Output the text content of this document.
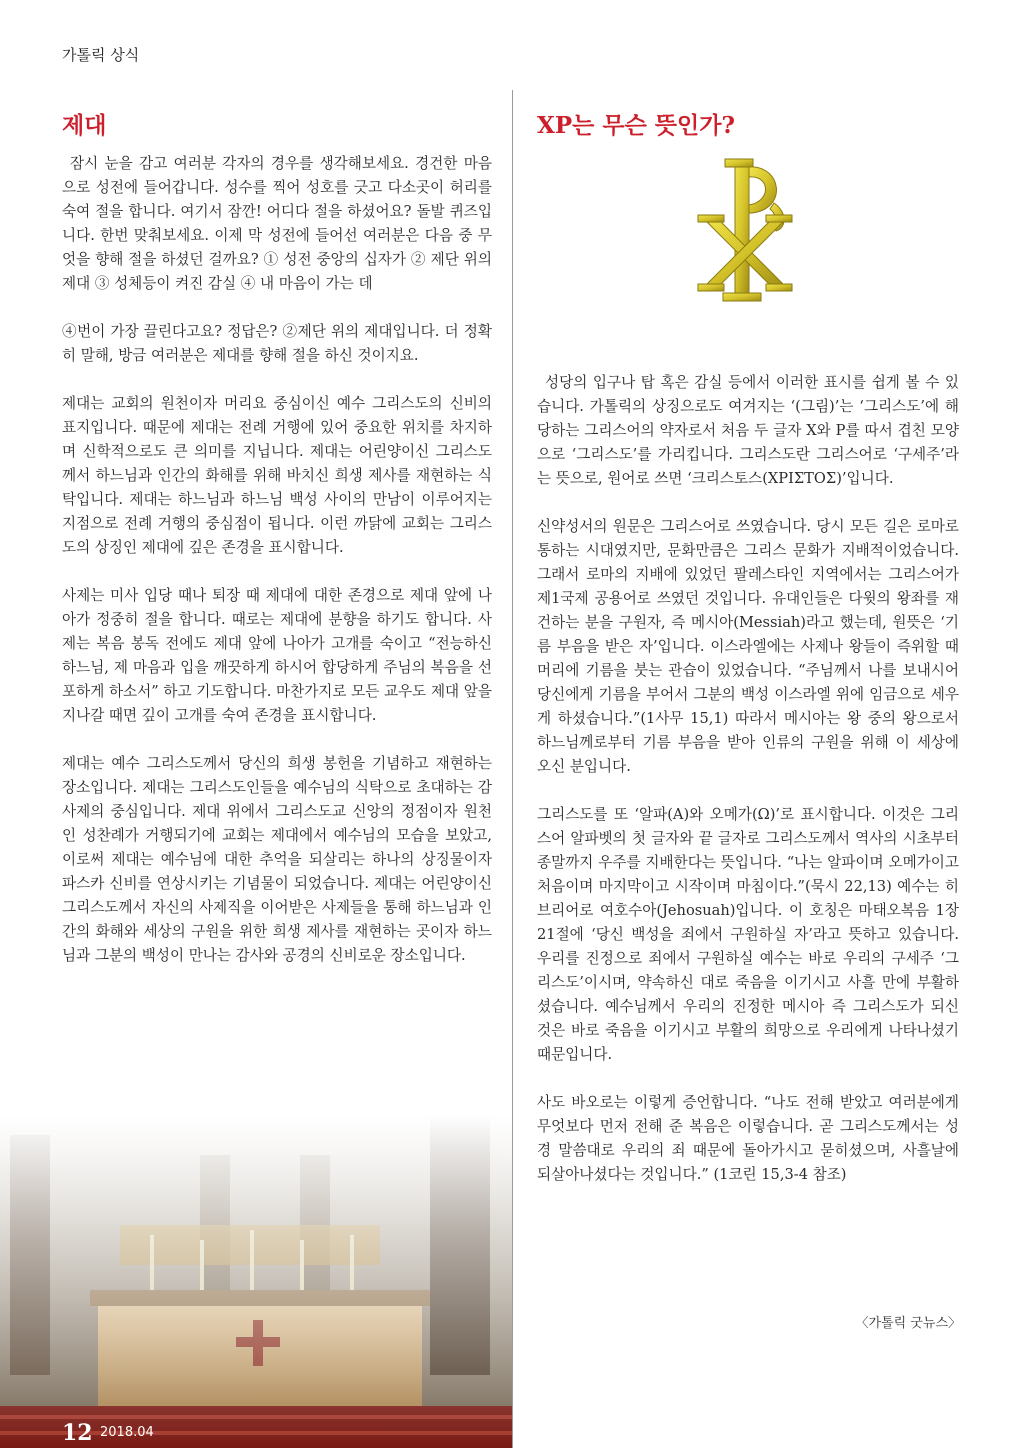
가톨릭 상식
제대	XP는 무슨 뜻인가?

잠시 눈을 감고 여러분 각자의 경우를 생각해보세요. 경건한 마음으로 성전에 들어갑니다. 성수를 찍어 성호를 긋고 다소곳이 허리를 숙여 절을 합니다. 여기서 잠깐! 어디다 절을 하셨어요? 돌발 퀴즈입니다. 한번 맞춰보세요. 이제 막 성전에 들어선 여러분은 다음 중 무엇을 향해 절을 하셨던 걸까요? ① 성전 중앙의 십자가 ② 제단 위의 제대 ③ 성체등이 켜진 감실 ④ 내 마음이 가는 데

④번이 가장 끌린다고요? 정답은? ②제단 위의 제대입니다. 더 정확히 말해, 방금 여러분은 제대를 향해 절을 하신 것이지요.

제대는 교회의 원천이자 머리요 중심이신 예수 그리스도의 신비의 표지입니다. 때문에 제대는 전례 거행에 있어 중요한 위치를 차지하며 신학적으로도 큰 의미를 지닙니다. 제대는 어린양이신 그리스도께서 하느님과 인간의 화해를 위해 바치신 희생 제사를 재현하는 식탁입니다. 제대는 하느님과 하느님 백성 사이의 만남이 이루어지는 지점으로 전례 거행의 중심점이 됩니다. 이런 까닭에 교회는 그리스도의 상징인 제대에 깊은 존경을 표시합니다.

사제는 미사 입당 때나 퇴장 때 제대에 대한 존경으로 제대 앞에 나아가 정중히 절을 합니다. 때로는 제대에 분향을 하기도 합니다. 사제는 복음 봉독 전에도 제대 앞에 나아가 고개를 숙이고 “전능하신 하느님, 제 마음과 입을 깨끗하게 하시어 합당하게 주님의 복음을 선포하게 하소서” 하고 기도합니다. 마찬가지로 모든 교우도 제대 앞을 지나갈 때면 깊이 고개를 숙여 존경을 표시합니다.

제대는 예수 그리스도께서 당신의 희생 봉헌을 기념하고 재현하는 장소입니다. 제대는 그리스도인들을 예수님의 식탁으로 초대하는 감사제의 중심입니다. 제대 위에서 그리스도교 신앙의 정점이자 원천인 성찬례가 거행되기에 교회는 제대에서 예수님의 모습을 보았고, 이로써 제대는 예수님에 대한 추억을 되살리는 하나의 상징물이자 파스카 신비를 연상시키는 기념물이 되었습니다. 제대는 어린양이신 그리스도께서 자신의 사제직을 이어받은 사제들을 통해 하느님과 인간의 화해와 세상의 구원을 위한 희생 제사를 재현하는 곳이자 하느님과 그분의 백성이 만나는 감사와 공경의 신비로운 장소입니다.

성당의 입구나 탑 혹은 감실 등에서 이러한 표시를 쉽게 볼 수 있습니다. 가톨릭의 상징으로도 여겨지는 ‘(그림)’는 ‘그리스도’에 해당하는 그리스어의 약자로서 처음 두 글자 X와 P를 따서 겹친 모양으로 ‘그리스도’를 가리킵니다. 그리스도란 그리스어로 ‘구세주’라는 뜻으로, 원어로 쓰면 ‘크리스토스(ΧΡΙΣΤΟΣ)’입니다.

신약성서의 원문은 그리스어로 쓰였습니다. 당시 모든 길은 로마로 통하는 시대였지만, 문화만큼은 그리스 문화가 지배적이었습니다. 그래서 로마의 지배에 있었던 팔레스타인 지역에서는 그리스어가 제1국제 공용어로 쓰였던 것입니다. 유대인들은 다윗의 왕좌를 재건하는 분을 구원자, 즉 메시아(Messiah)라고 했는데, 원뜻은 ‘기름 부음을 받은 자’입니다. 이스라엘에는 사제나 왕들이 즉위할 때 머리에 기름을 붓는 관습이 있었습니다. “주님께서 나를 보내시어 당신에게 기름을 부어서 그분의 백성 이스라엘 위에 임금으로 세우게 하셨습니다.”(1사무 15,1) 따라서 메시아는 왕 중의 왕으로서 하느님께로부터 기름 부음을 받아 인류의 구원을 위해 이 세상에 오신 분입니다.

그리스도를 또 ‘알파(Α)와 오메가(Ω)’로 표시합니다. 이것은 그리스어 알파벳의 첫 글자와 끝 글자로 그리스도께서 역사의 시초부터 종말까지 우주를 지배한다는 뜻입니다. “나는 알파이며 오메가이고 처음이며 마지막이고 시작이며 마침이다.”(묵시 22,13) 예수는 히브리어로 여호수아(Jehosuah)입니다. 이 호칭은 마태오복음 1장 21절에 ‘당신 백성을 죄에서 구원하실 자’라고 뜻하고 있습니다. 우리를 진정으로 죄에서 구원하실 예수는 바로 우리의 구세주 ‘그리스도’이시며, 약속하신 대로 죽음을 이기시고 사흘 만에 부활하셨습니다. 예수님께서 우리의 진정한 메시아 즉 그리스도가 되신 것은 바로 죽음을 이기시고 부활의 희망으로 우리에게 나타나셨기 때문입니다.

사도 바오로는 이렇게 증언합니다. “나도 전해 받았고 여러분에게 무엇보다 먼저 전해 준 복음은 이렇습니다. 곧 그리스도께서는 성경 말씀대로 우리의 죄 때문에 돌아가시고 묻히셨으며, 사흘날에 되살아나셨다는 것입니다.” (1코린 15,3-4 참조)

〈가톨릭 굿뉴스〉
12 2018.04
